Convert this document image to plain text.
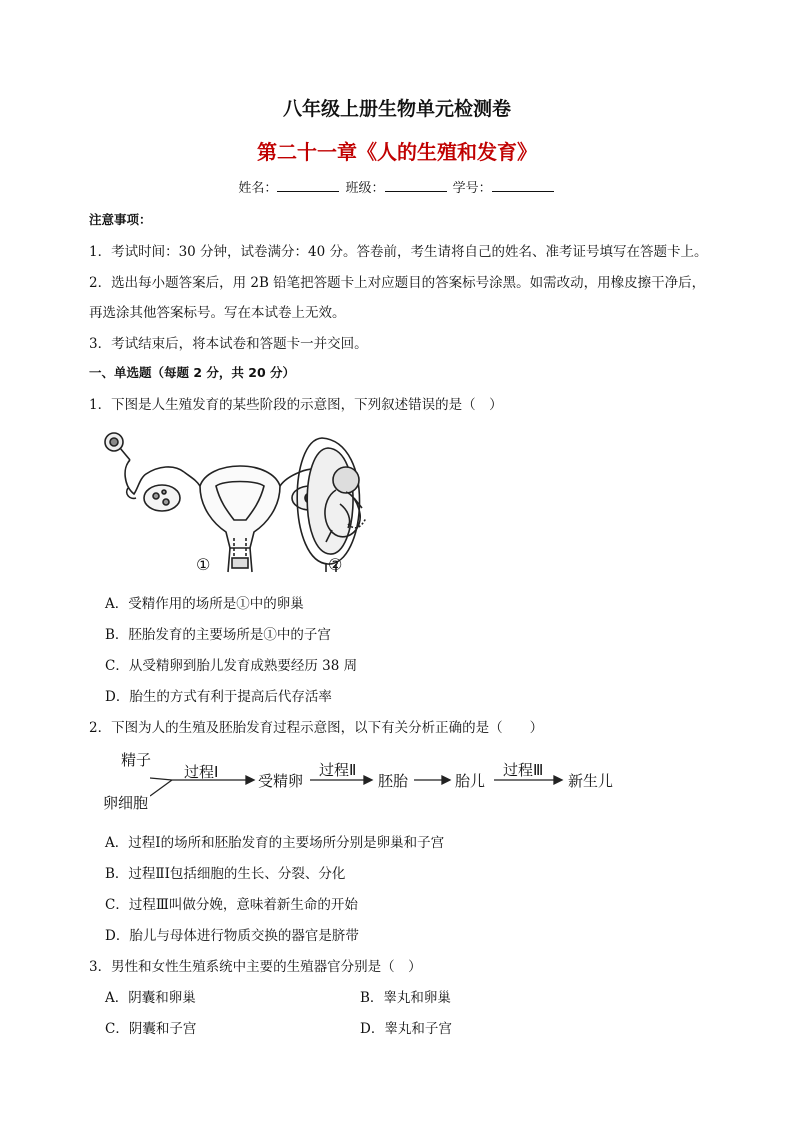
八年级上册生物单元检测卷
第二十一章《人的生殖和发育》
姓名：	班级：	学号：
注意事项：
1．考试时间：30 分钟，试卷满分：40 分。答卷前，考生请将自己的姓名、准考证号填写在答题卡上。
2．选出每小题答案后，用 2B 铅笔把答题卡上对应题目的答案标号涂黑。如需改动，用橡皮擦干净后，
再选涂其他答案标号。写在本试卷上无效。
3．考试结束后，将本试卷和答题卡一并交回。
一、单选题（每题 2 分，共 20 分）
1．下图是人生殖发育的某些阶段的示意图，下列叙述错误的是（　）
①	②
A．受精作用的场所是①中的卵巢
B．胚胎发育的主要场所是①中的子宫
C．从受精卵到胎儿发育成熟要经历 38 周
D．胎生的方式有利于提高后代存活率
2．下图为人的生殖及胚胎发育过程示意图，以下有关分析正确的是（　　）
精子
卵细胞
过程Ⅰ	受精卵
过程Ⅱ
胚胎	胎儿
过程Ⅲ
新生儿
A．过程Ⅰ的场所和胚胎发育的主要场所分别是卵巢和子宫
B．过程ⅡⅠ包括细胞的生长、分裂、分化
C．过程Ⅲ叫做分娩，意味着新生命的开始
D．胎儿与母体进行物质交换的器官是脐带
3．男性和女性生殖系统中主要的生殖器官分别是（　）
A．阴囊和卵巢	B．睾丸和卵巢
C．阴囊和子宫	D．睾丸和子宫
